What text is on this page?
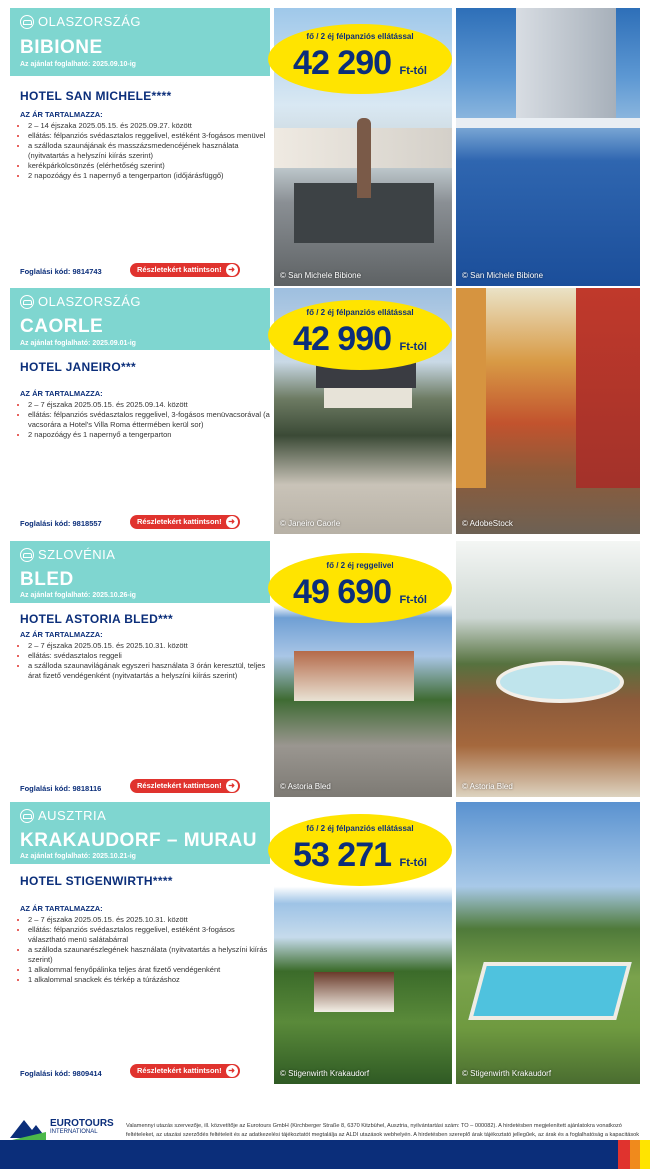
OLASZORSZÁG
BIBIONE
Az ajánlat foglalható: 2025.09.10-ig
HOTEL SAN MICHELE****
AZ ÁR TARTALMAZZA:
• 2 – 14 éjszaka 2025.05.15. és 2025.09.27. között
• ellátás: félpanziós svédasztalos reggelivel, estéként 3-fogásos menüvel
• a szálloda szaunájának és masszázsmedencéjének használata (nyitvatartás a helyszíni kiírás szerint)
• kerékpárkölcsönzés (elérhetőség szerint)
• 2 napozóágy és 1 napernyő a tengerparton (időjárásfüggő)
Foglalási kód: 9814743	Részletekért kattintson! ➜
© San Michele Bibione	© San Michele Bibione
fő / 2 éj félpanziós ellátással
42 290 Ft-tól
OLASZORSZÁG
CAORLE
Az ajánlat foglalható: 2025.09.01-ig
HOTEL JANEIRO***
AZ ÁR TARTALMAZZA:
• 2 – 7 éjszaka 2025.05.15. és 2025.09.14. között
• ellátás: félpanziós svédasztalos reggelivel, 3-fogásos menüvacsorával (a vacsorára a Hotel's Villa Roma éttermében kerül sor)
• 2 napozóágy és 1 napernyő a tengerparton
Foglalási kód: 9818557	Részletekért kattintson! ➜	© Janeiro Caorle	© AdobeStock
fő / 2 éj félpanziós ellátással
42 990 Ft-tól
SZLOVÉNIA
BLED
Az ajánlat foglalható: 2025.10.26-ig
HOTEL ASTORIA BLED***
AZ ÁR TARTALMAZZA:
• 2 – 7 éjszaka 2025.05.15. és 2025.10.31. között
• ellátás: svédasztalos reggeli
• a szálloda szaunavilágának egyszeri használata 3 órán keresztül, teljes árat fizető vendégenként (nyitvatartás a helyszíni kiírás szerint)
Foglalási kód: 9818116	Részletekért kattintson! ➜	© Astoria Bled	© Astoria Bled
fő / 2 éj reggelivel
49 690 Ft-tól
AUSZTRIA
KRAKAUDORF – MURAU
Az ajánlat foglalható: 2025.10.21-ig
HOTEL STIGENWIRTH****
AZ ÁR TARTALMAZZA:
• 2 – 7 éjszaka 2025.05.15. és 2025.10.31. között
• ellátás: félpanziós svédasztalos reggelivel, estéként 3-fogásos választható menü salátabárral
• a szálloda szaunarészlegének használata (nyitvatartás a helyszíni kiírás szerint)
• 1 alkalommal fenyőpálinka teljes árat fizető vendégenként
• 1 alkalommal snackek és térkép a túrázáshoz
Foglalási kód: 9809414	Részletekért kattintson! ➜	© Stigenwirth Krakaudorf	© Stigenwirth Krakaudorf
fő / 2 éj félpanziós ellátással
53 271 Ft-tól
EUROTOURS
INTERNATIONAL
Valamennyi utazás szervezője, ill. közvetítője az Eurotours GmbH (Kirchberger Straße 8, 6370 Kitzbühel, Ausztria, nyilvántartási szám: TO – 000082). A hirdetésben megjelenített ajánlatokra vonatkozó feltételeket, az utazási szerződés feltételeit és az adatkezelési tájékoztatót megtalálja az ALDI utazások webhelyén. A hirdetésben szereplő árak tájékoztató jellegűek, az árak és a foglalhatóság a kapacitások
